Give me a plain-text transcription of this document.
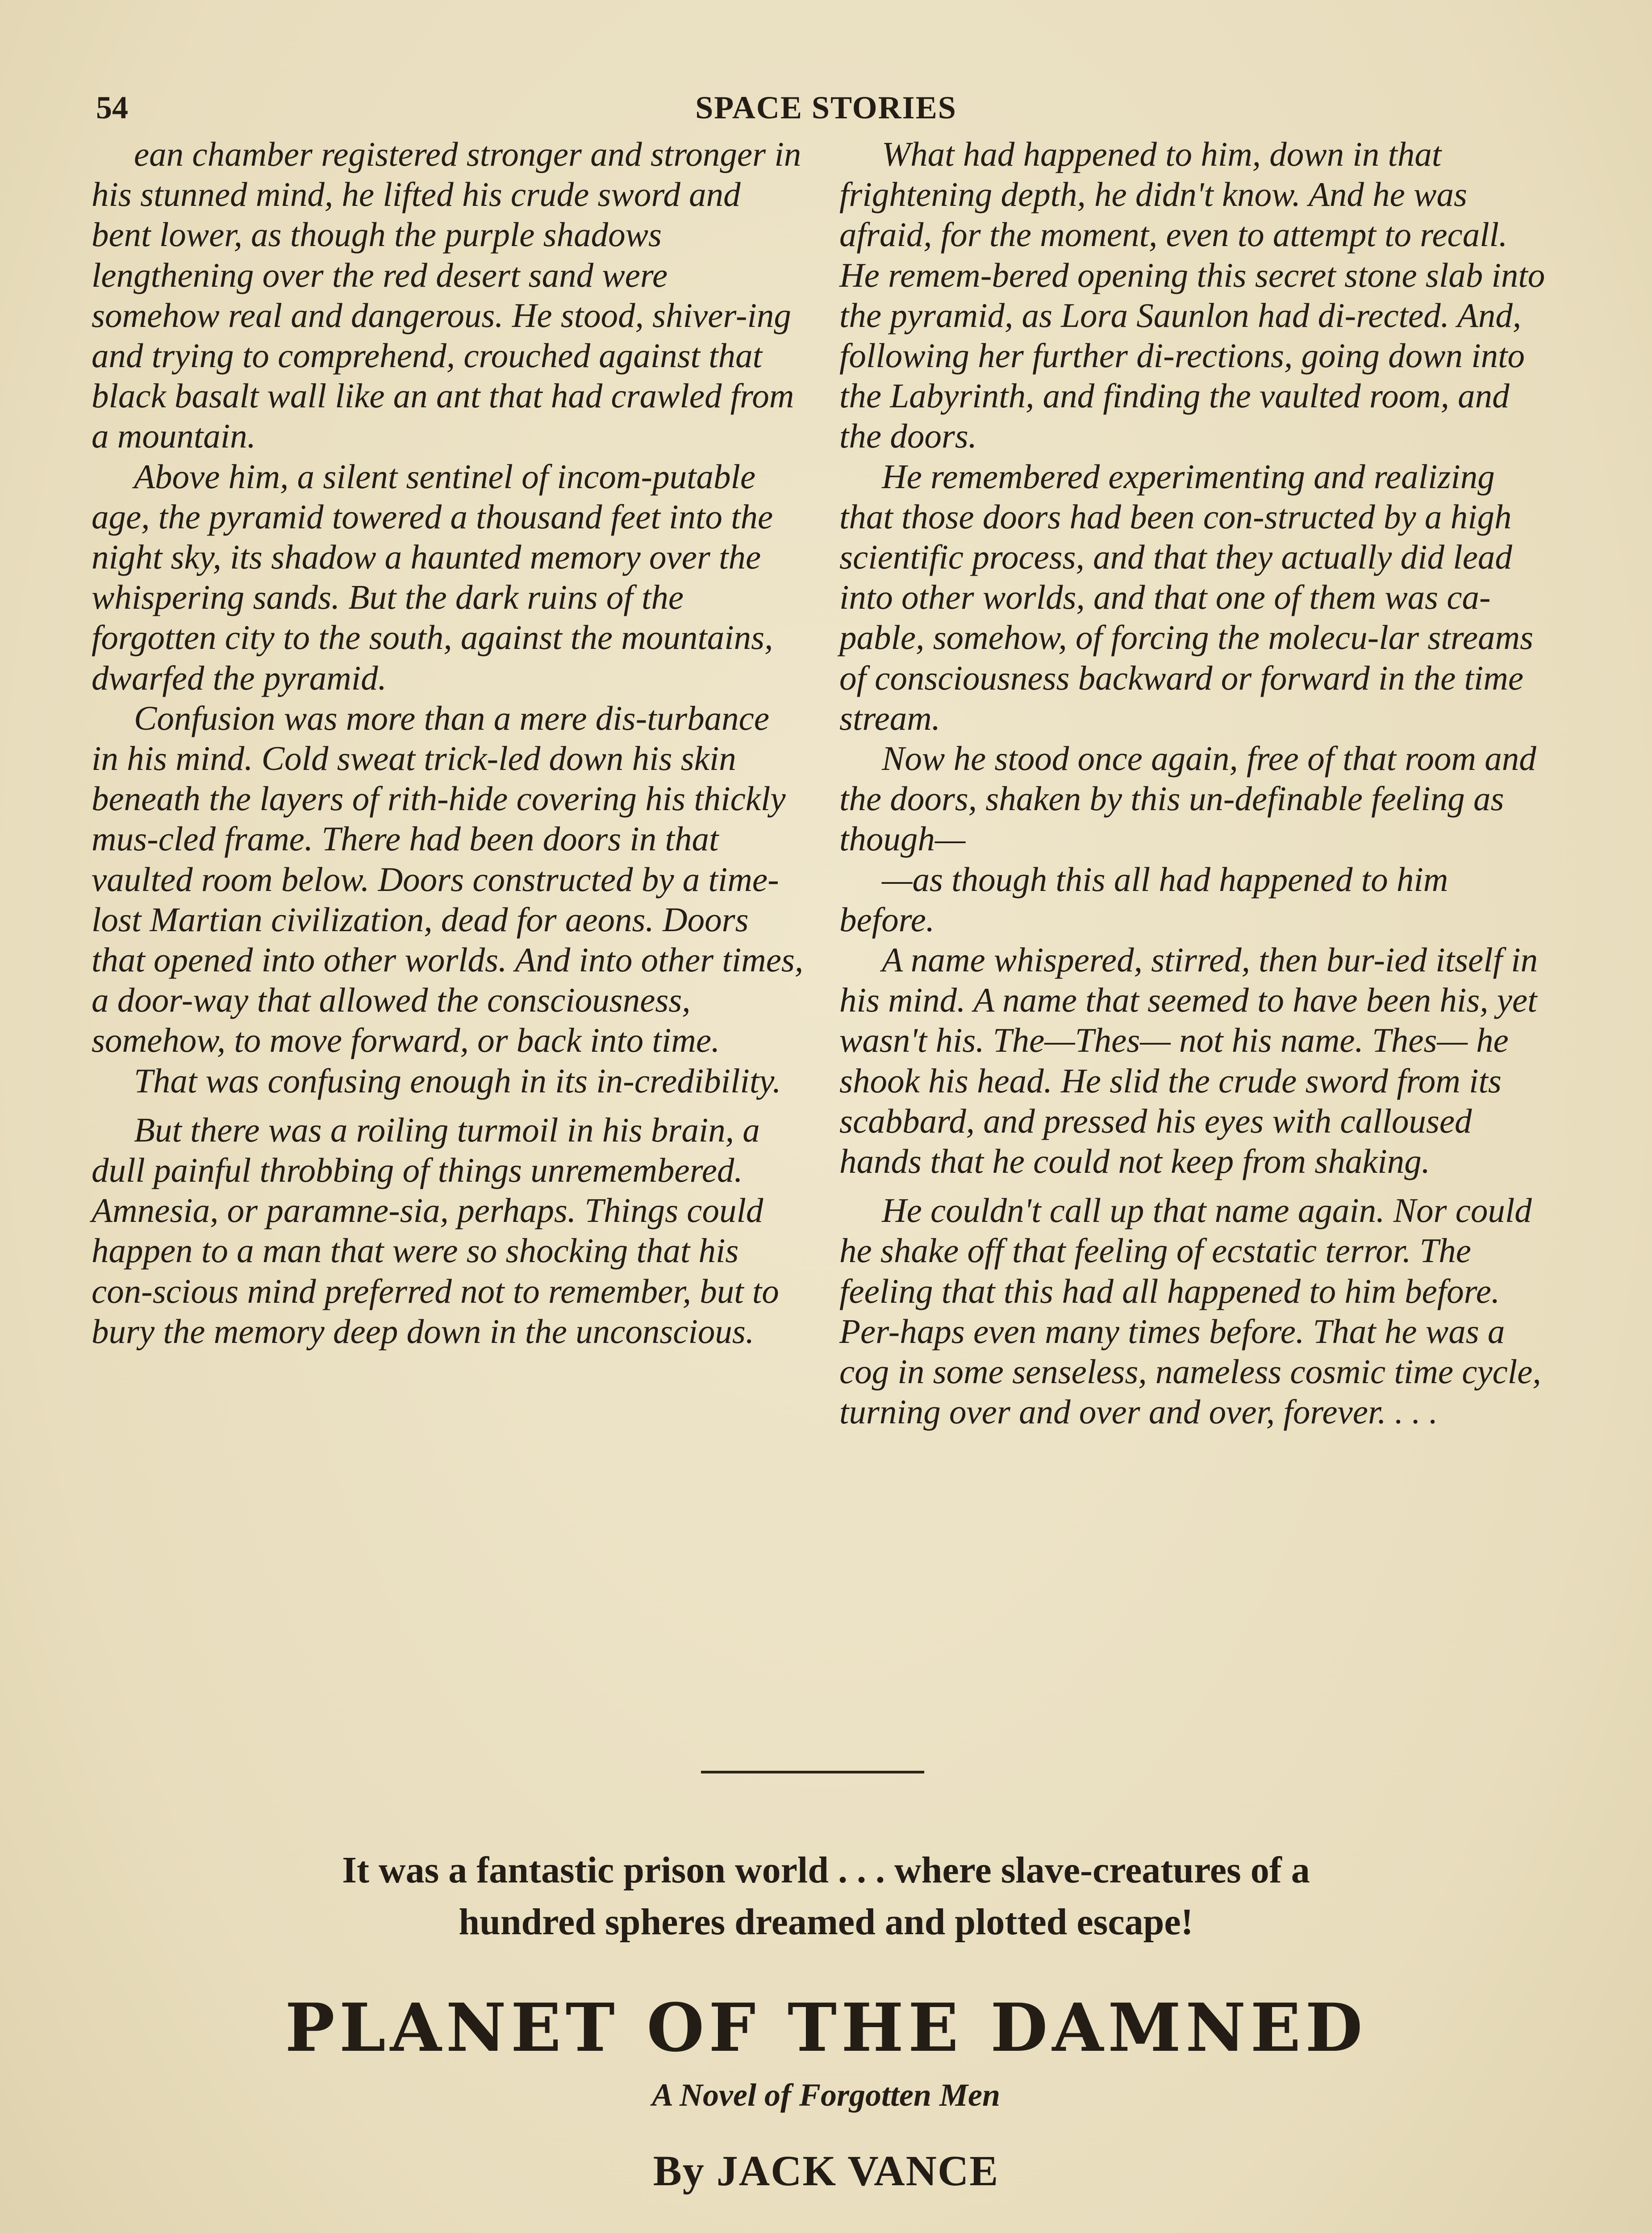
54	SPACE STORIES

ean chamber registered stronger and stronger in his stunned mind, he lifted his crude sword and bent lower, as though the purple shadows lengthening over the red desert sand were somehow real and dangerous. He stood, shiver-ing and trying to comprehend, crouched against that black basalt wall like an ant that had crawled from a mountain.

Above him, a silent sentinel of incom-putable age, the pyramid towered a thousand feet into the night sky, its shadow a haunted memory over the whispering sands. But the dark ruins of the forgotten city to the south, against the mountains, dwarfed the pyramid.

Confusion was more than a mere dis-turbance in his mind. Cold sweat trick-led down his skin beneath the layers of rith-hide covering his thickly mus-cled frame. There had been doors in that vaulted room below. Doors constructed by a time-lost Martian civilization, dead for aeons. Doors that opened into other worlds. And into other times, a door-way that allowed the consciousness, somehow, to move forward, or back into time.

That was confusing enough in its in-credibility.

But there was a roiling turmoil in his brain, a dull painful throbbing of things unremembered. Amnesia, or paramne-sia, perhaps. Things could happen to a man that were so shocking that his con-scious mind preferred not to remember, but to bury the memory deep down in the unconscious.

What had happened to him, down in that frightening depth, he didn't know. And he was afraid, for the moment, even to attempt to recall. He remem-bered opening this secret stone slab into the pyramid, as Lora Saunlon had di-rected. And, following her further di-rections, going down into the Labyrinth, and finding the vaulted room, and the doors.

He remembered experimenting and realizing that those doors had been con-structed by a high scientific process, and that they actually did lead into other worlds, and that one of them was ca-pable, somehow, of forcing the molecu-lar streams of consciousness backward or forward in the time stream.

Now he stood once again, free of that room and the doors, shaken by this un-definable feeling as though—

—as though this all had happened to him before.

A name whispered, stirred, then bur-ied itself in his mind. A name that seemed to have been his, yet wasn't his. The—Thes— not his name. Thes— he shook his head. He slid the crude sword from its scabbard, and pressed his eyes with calloused hands that he could not keep from shaking.

He couldn't call up that name again. Nor could he shake off that feeling of ecstatic terror. The feeling that this had all happened to him before. Per-haps even many times before. That he was a cog in some senseless, nameless cosmic time cycle, turning over and over and over, forever. . . .

It was a fantastic prison world . . . where slave-creatures of a
hundred spheres dreamed and plotted escape!
PLANET OF THE DAMNED
A Novel of Forgotten Men
By JACK VANCE
